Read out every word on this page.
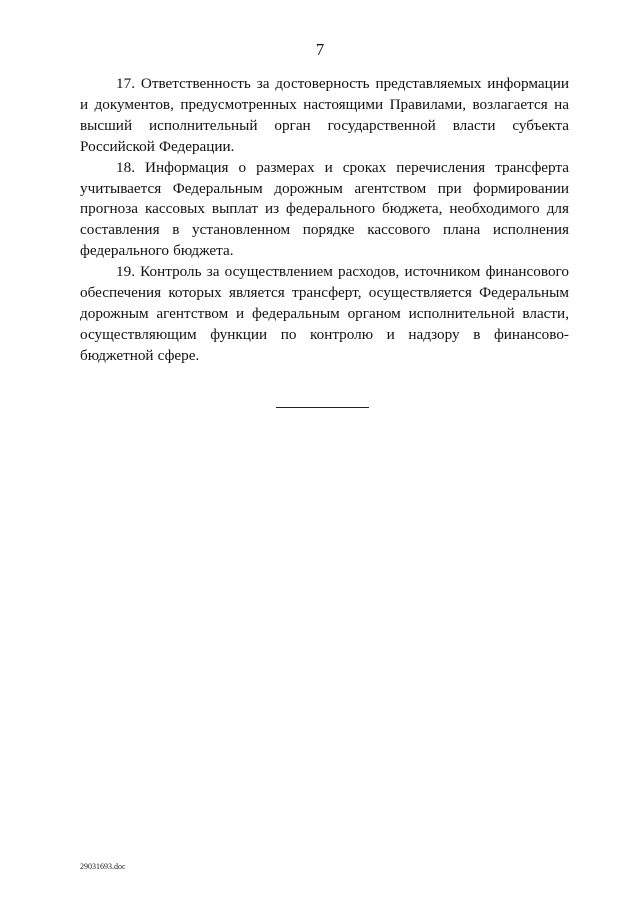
7

17. Ответственность за достоверность представляемых информации и документов, предусмотренных настоящими Правилами, возлагается на высший исполнительный орган государственной власти субъекта Российской Федерации.

18. Информация о размерах и сроках перечисления трансферта учитывается Федеральным дорожным агентством при формировании прогноза кассовых выплат из федерального бюджета, необходимого для составления в установленном порядке кассового плана исполнения федерального бюджета.

19. Контроль за осуществлением расходов, источником финансового обеспечения которых является трансферт, осуществляется Федеральным дорожным агентством и федеральным органом исполнительной власти, осуществляющим функции по контролю и надзору в финансово-бюджетной сфере.

29031693.doc
